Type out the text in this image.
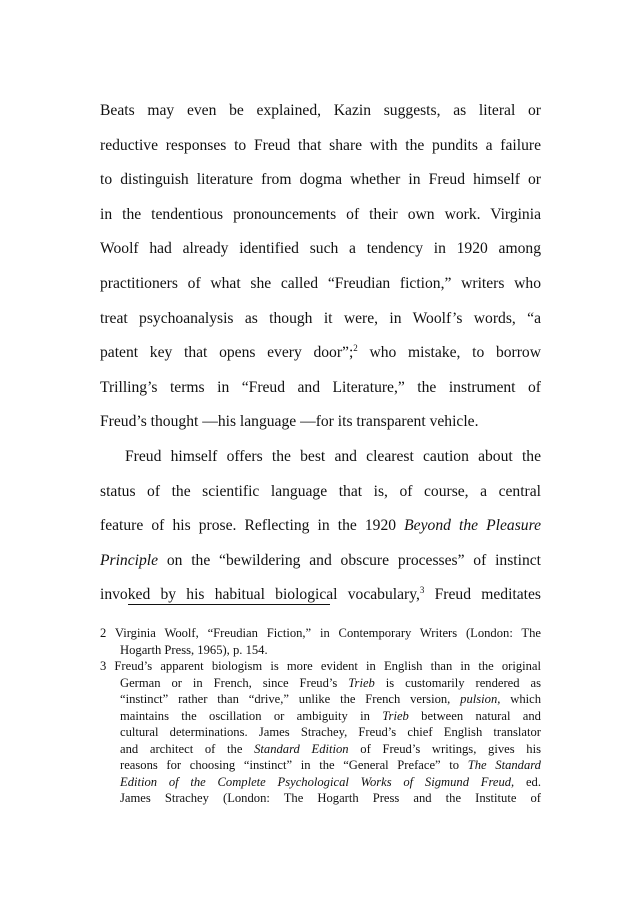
Beats may even be explained, Kazin suggests, as literal or
reductive responses to Freud that share with the pundits a failure
to distinguish literature from dogma whether in Freud himself or
in the tendentious pronouncements of their own work. Virginia
Woolf had already identified such a tendency in 1920 among
practitioners of what she called “Freudian fiction,” writers who
treat psychoanalysis as though it were, in Woolf’s words, “a
patent key that opens every door”;$^2$ who mistake, to borrow
Trilling’s terms in “Freud and Literature,” the instrument of
Freud’s thought —his language —for its transparent vehicle.
Freud himself offers the best and clearest caution about the
status of the scientific language that is, of course, a central
feature of his prose. Reflecting in the 1920 Beyond the Pleasure
Principle on the “bewildering and obscure processes” of instinct
invoked by his habitual biological vocabulary,$^3$ Freud meditates
2 Virginia Woolf, “Freudian Fiction,” in Contemporary Writers (London: The
Hogarth Press, 1965), p. 154.
3 Freud’s apparent biologism is more evident in English than in the original
German or in French, since Freud’s Trieb is customarily rendered as
“instinct” rather than “drive,” unlike the French version, pulsion, which
maintains the oscillation or ambiguity in Trieb between natural and
cultural determinations. James Strachey, Freud’s chief English translator
and architect of the Standard Edition of Freud’s writings, gives his
reasons for choosing “instinct” in the “General Preface” to The Standard
Edition of the Complete Psychological Works of Sigmund Freud, ed.
James Strachey (London: The Hogarth Press and the Institute of
